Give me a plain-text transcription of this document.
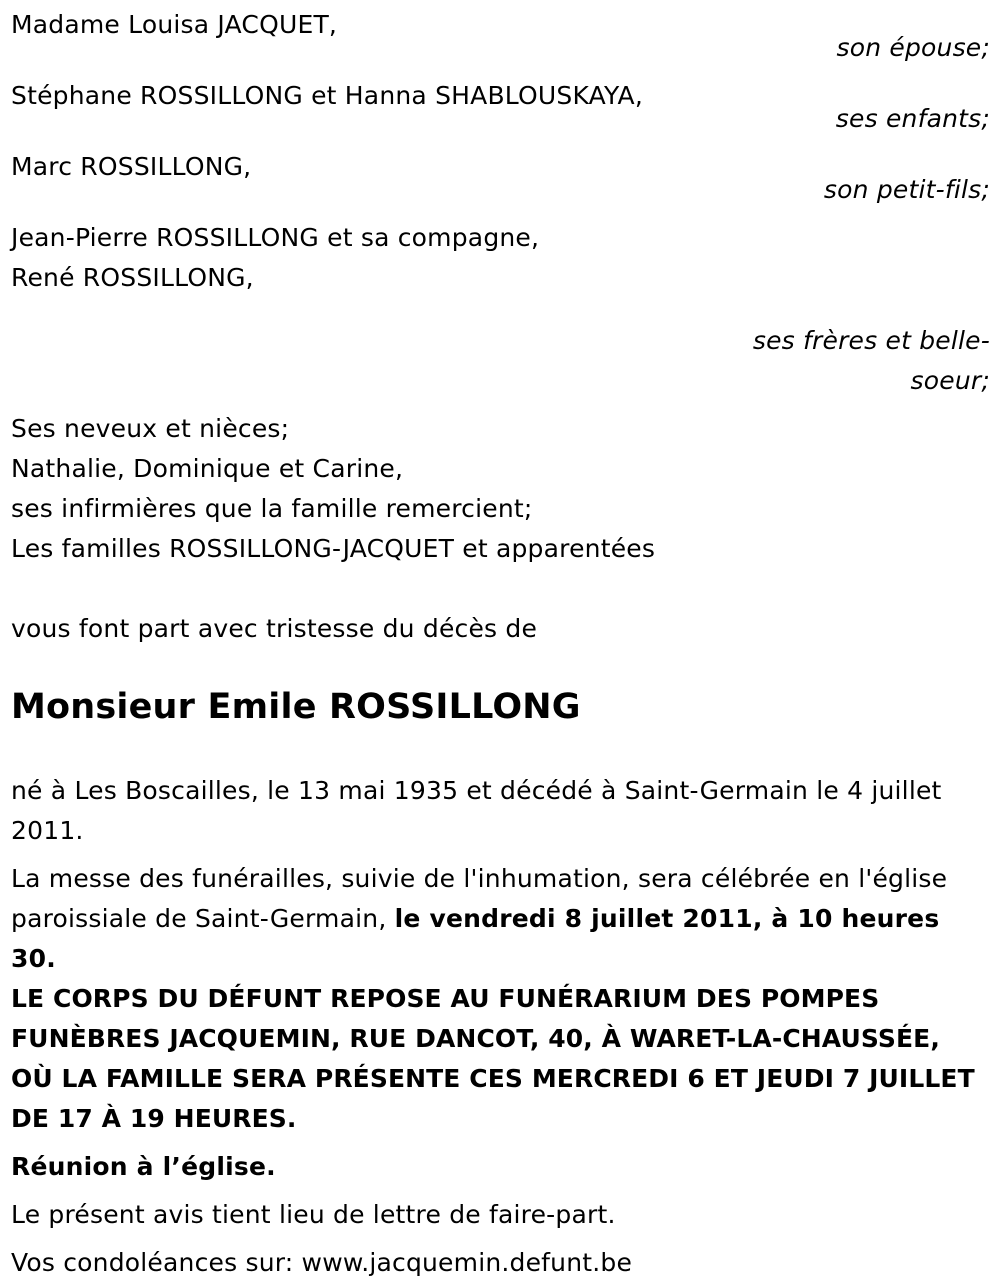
Madame Louisa JACQUET,
son épouse;
Stéphane ROSSILLONG et Hanna SHABLOUSKAYA,
ses enfants;
Marc ROSSILLONG,
son petit-fils;
Jean-Pierre ROSSILLONG et sa compagne,
René ROSSILLONG,
ses frères et belle-
soeur;
Ses neveux et nièces;
Nathalie, Dominique et Carine,
ses infirmières que la famille remercient;
Les familles ROSSILLONG-JACQUET et apparentées
vous font part avec tristesse du décès de
Monsieur Emile ROSSILLONG
né à Les Boscailles, le 13 mai 1935 et décédé à Saint-Germain le 4 juillet 2011.
La messe des funérailles, suivie de l'inhumation, sera célébrée en l'église paroissiale de Saint-Germain, le vendredi 8 juillet 2011, à 10 heures 30.
LE CORPS DU DÉFUNT REPOSE AU FUNÉRARIUM DES POMPES FUNÈBRES JACQUEMIN, RUE DANCOT, 40, À WARET-LA-CHAUSSÉE, OÙ LA FAMILLE SERA PRÉSENTE CES MERCREDI 6 ET JEUDI 7 JUILLET DE 17 À 19 HEURES.
Réunion à l’église.
Le présent avis tient lieu de lettre de faire-part.
Vos condoléances sur: www.jacquemin.defunt.be
